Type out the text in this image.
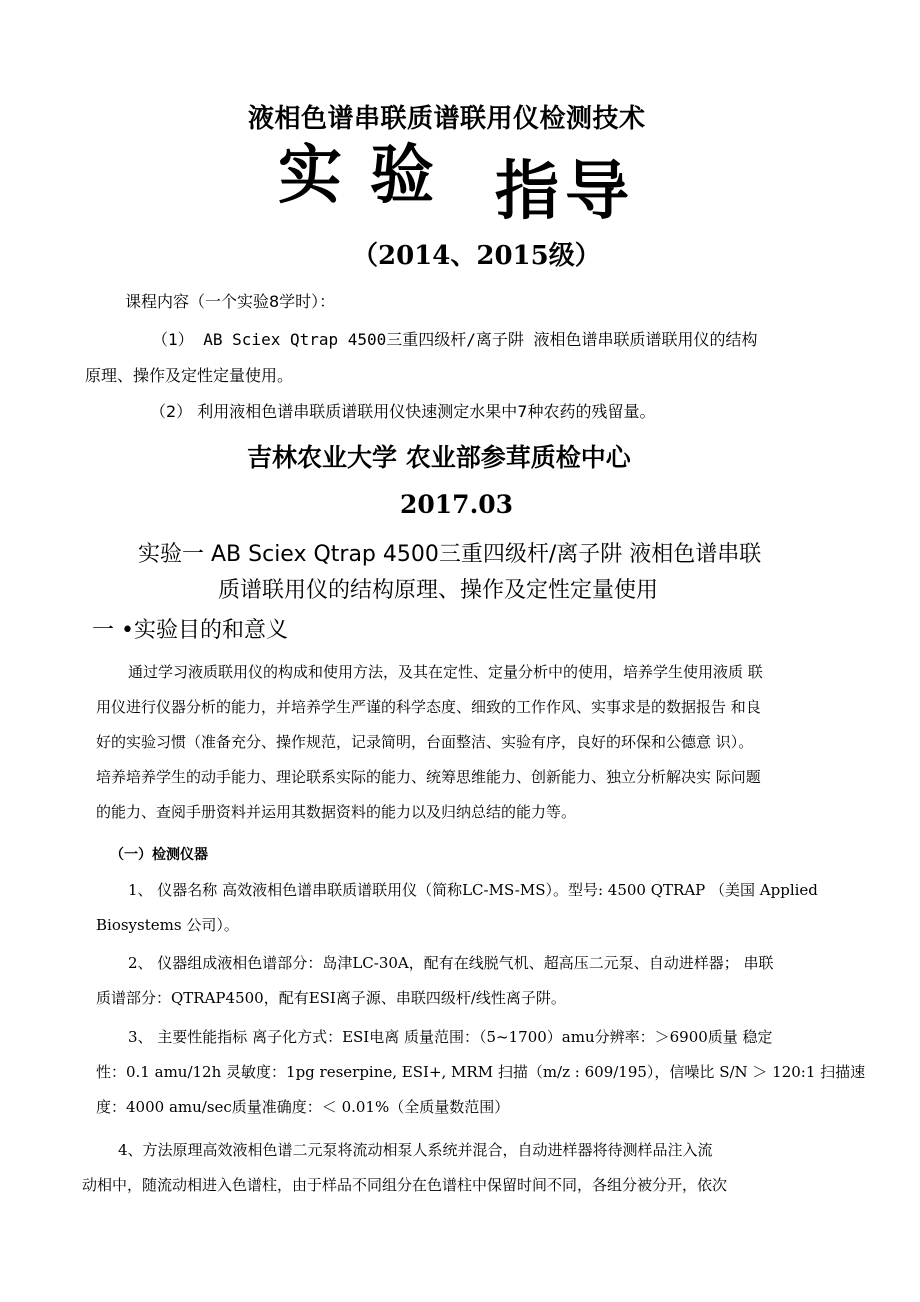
液相色谱串联质谱联用仪检测技术
实验 指导
（2014、2015级）
课程内容（一个实验8学时）：
（1） AB Sciex Qtrap 4500三重四级杆/离子阱 液相色谱串联质谱联用仪的结构
原理、操作及定性定量使用。
（2） 利用液相色谱串联质谱联用仪快速测定水果中7种农药的残留量。
吉林农业大学 农业部参茸质检中心
2017.03
实验一 AB Sciex Qtrap 4500三重四级杆/离子阱 液相色谱串联
质谱联用仪的结构原理、操作及定性定量使用
一 •实验目的和意义
通过学习液质联用仪的构成和使用方法，及其在定性、定量分析中的使用，培养学生使用液质 联
用仪进行仪器分析的能力，并培养学生严谨的科学态度、细致的工作作风、实事求是的数据报告 和良
好的实验习惯（准备充分、操作规范，记录简明，台面整洁、实验有序，良好的环保和公德意 识）。
培养培养学生的动手能力、理论联系实际的能力、统筹思维能力、创新能力、独立分析解决实 际问题
的能力、查阅手册资料并运用其数据资料的能力以及归纳总结的能力等。
（一）检测仪器
1、 仪器名称 高效液相色谱串联质谱联用仪（简称LC-MS-MS）。型号: 4500 QTRAP （美国 Applied
Biosystems 公司）。
2、 仪器组成液相色谱部分：岛津LC-30A，配有在线脱气机、超高压二元泵、自动进样器； 串联
质谱部分：QTRAP4500，配有ESI离子源、串联四级杆/线性离子阱。
3、 主要性能指标 离子化方式：ESI电离 质量范围：（5~1700）amu分辨率：＞6900质量 稳定
性：0.1 amu/12h 灵敏度：1pg reserpine, ESI+, MRM 扫描（m/z : 609/195），信噪比 S/N ＞ 120:1 扫描速
度：4000 amu/sec质量准确度：＜ 0.01%（全质量数范围）
4、方法原理高效液相色谱二元泵将流动相泵人系统并混合，自动进样器将待测样品注入流
动相中，随流动相进入色谱柱，由于样品不同组分在色谱柱中保留时间不同，各组分被分开，依次
